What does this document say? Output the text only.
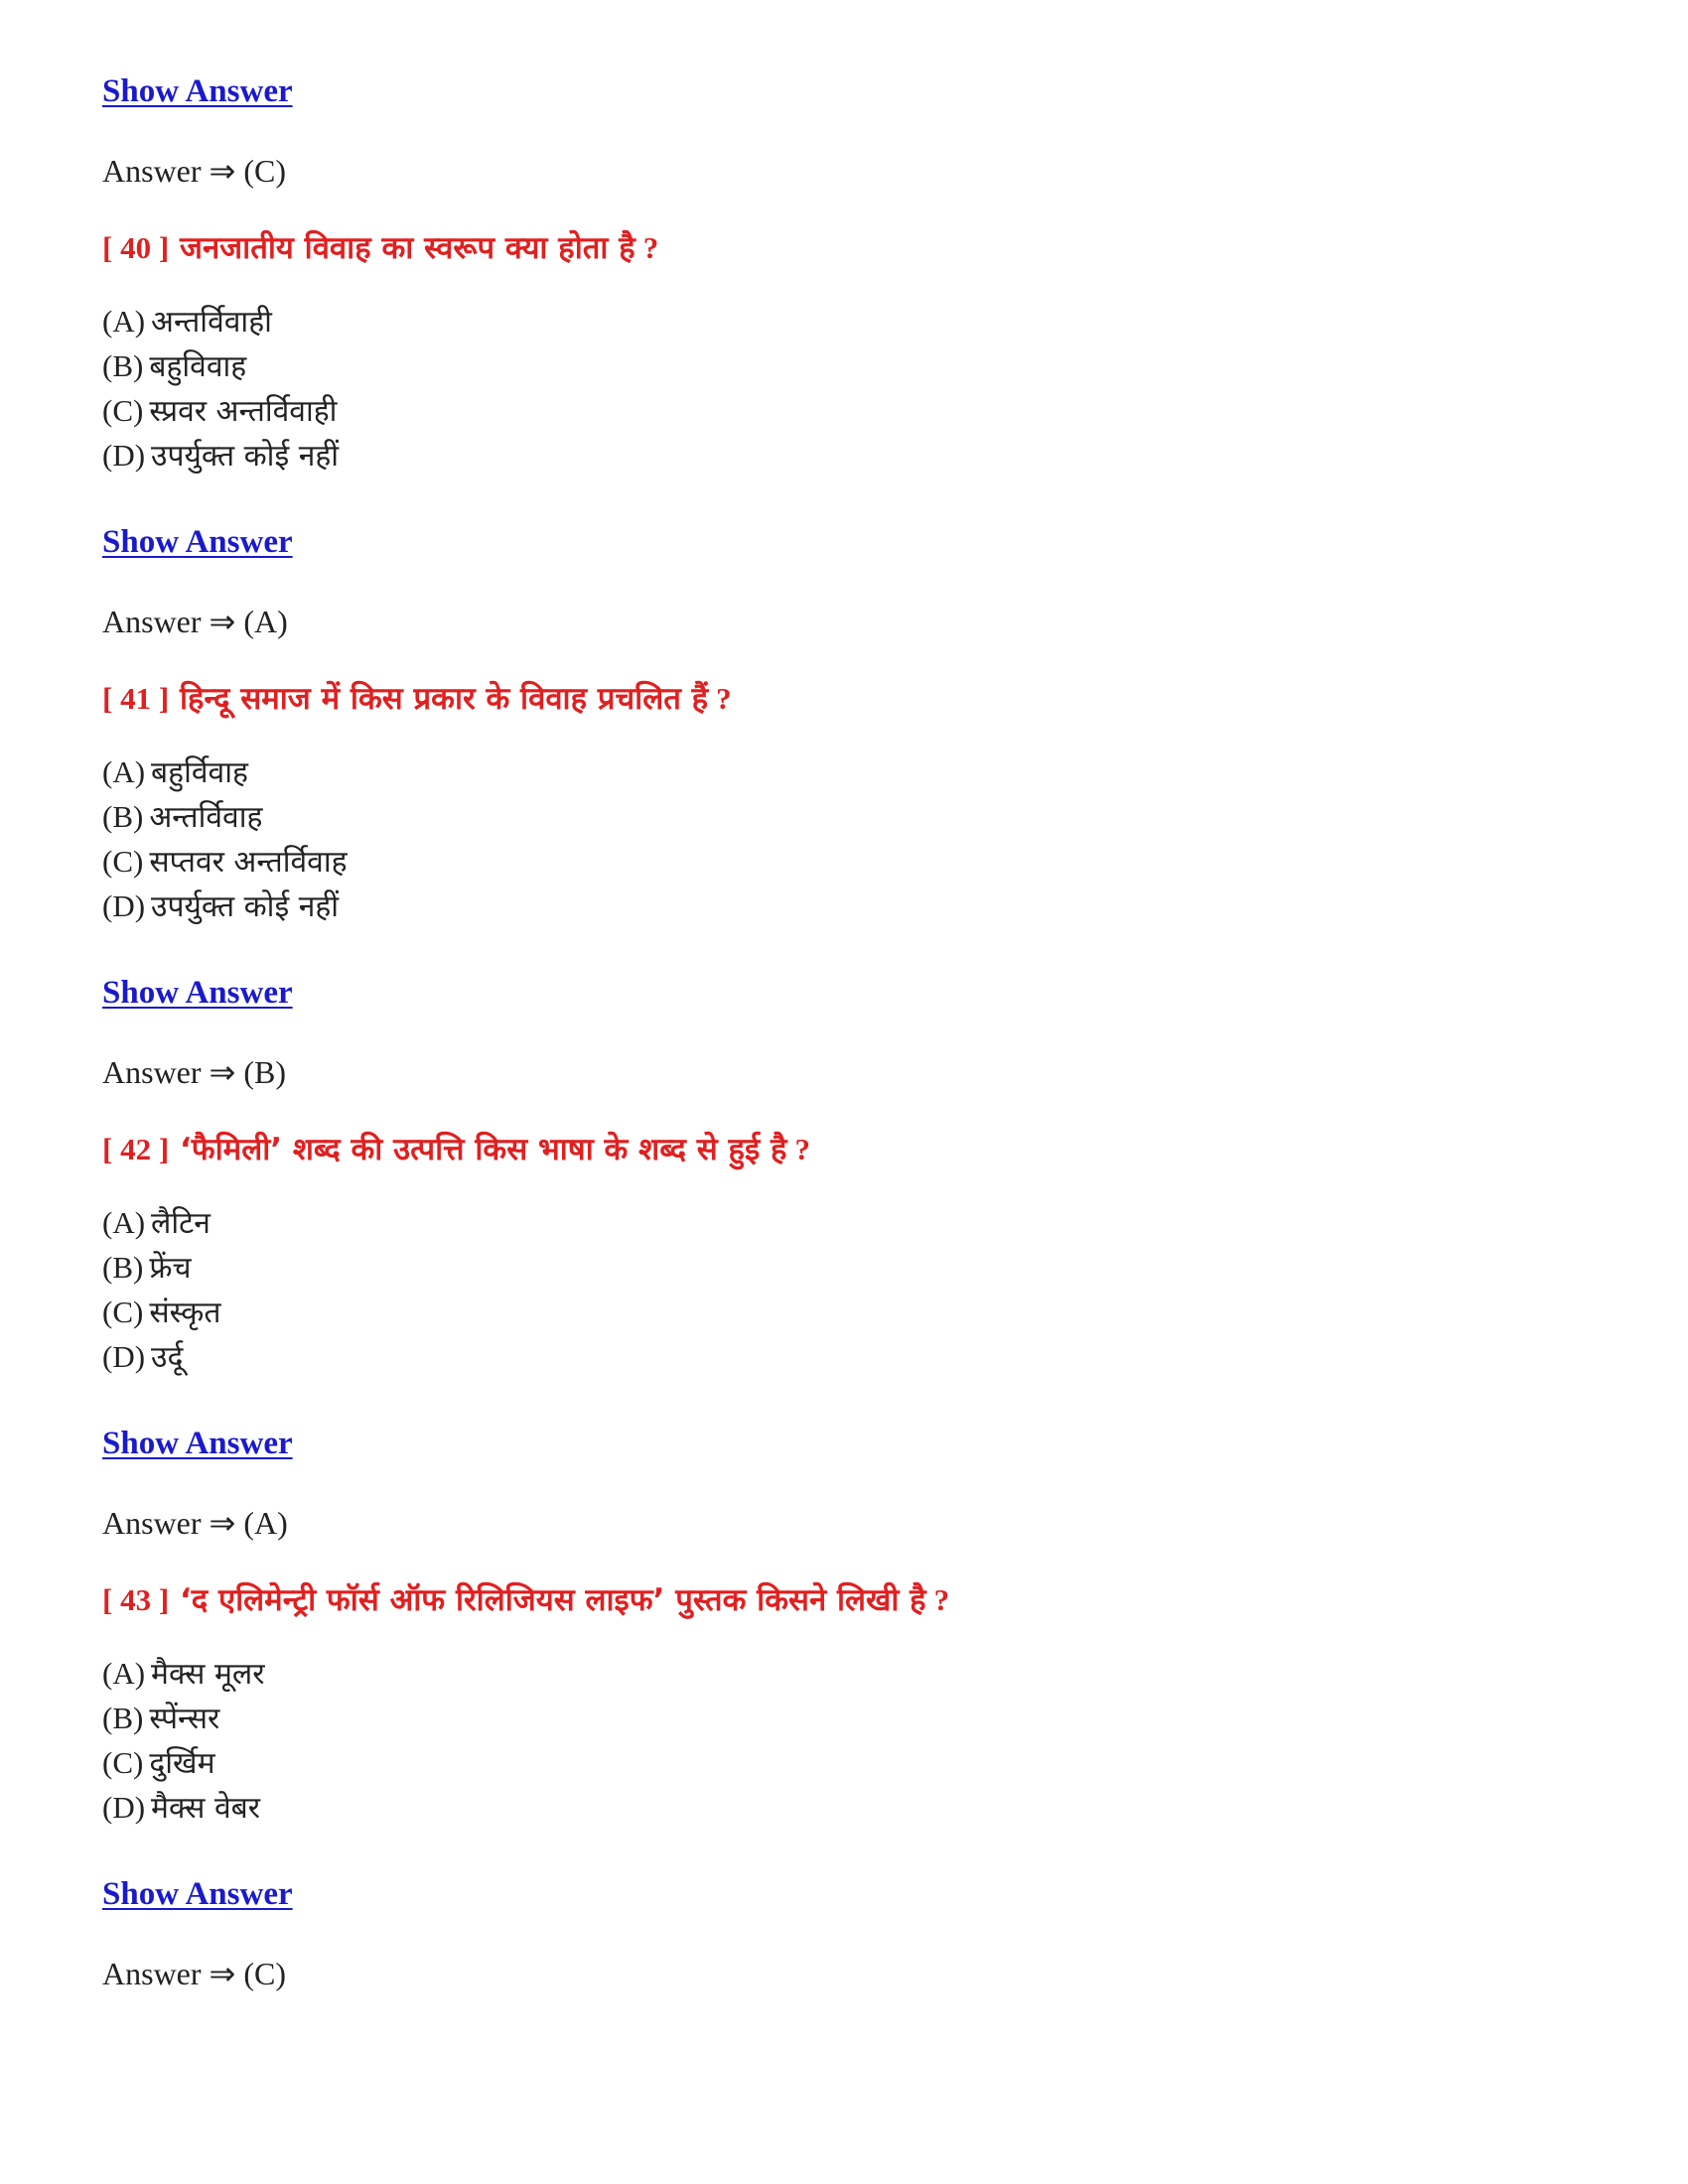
Show Answer
Answer ⇒ (C)
[ 40 ] जनजातीय विवाह का स्वरूप क्या होता है ?
(A) अन्तर्विवाही
(B) बहुविवाह
(C) स्प्रवर अन्तर्विवाही
(D) उपर्युक्त कोई नहीं
Show Answer
Answer ⇒ (A)
[ 41 ] हिन्दू समाज में किस प्रकार के विवाह प्रचलित हैं ?
(A) बहुर्विवाह
(B) अन्तर्विवाह
(C) सप्तवर अन्तर्विवाह
(D) उपर्युक्त कोई नहीं
Show Answer
Answer ⇒ (B)
[ 42 ] ‘फैमिली’ शब्द की उत्पत्ति किस भाषा के शब्द से हुई है ?
(A) लैटिन
(B) फ्रेंच
(C) संस्कृत
(D) उर्दू
Show Answer
Answer ⇒ (A)
[ 43 ] ‘द एलिमेन्ट्री फॉर्स ऑफ रिलिजियस लाइफ’ पुस्तक किसने लिखी है ?
(A) मैक्स मूलर
(B) स्पेंन्सर
(C) दुर्खिम
(D) मैक्स वेबर
Show Answer
Answer ⇒ (C)
